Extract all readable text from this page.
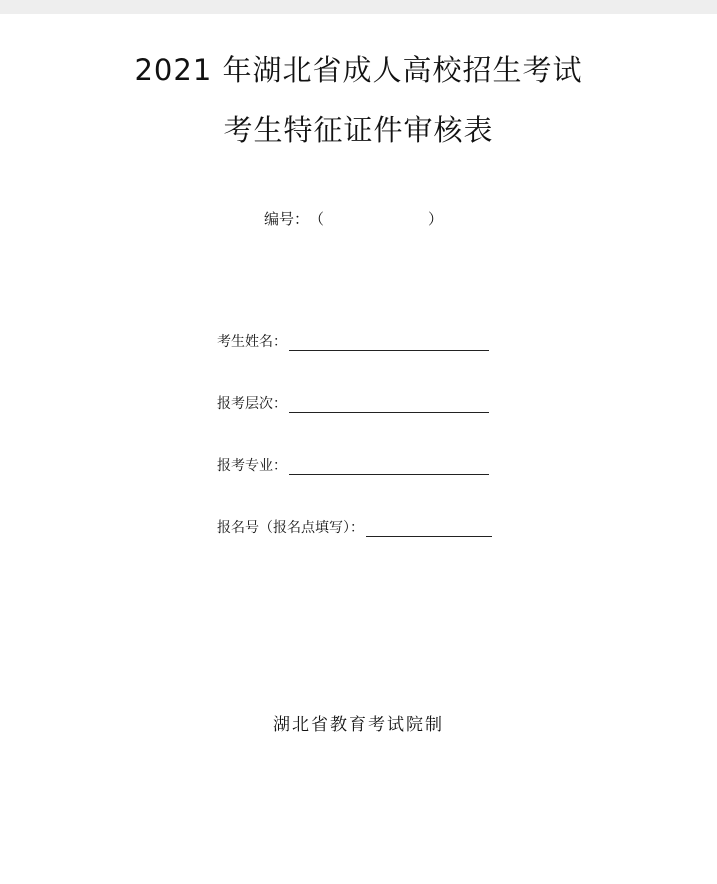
2021 年湖北省成人高校招生考试
考生特征证件审核表
编号：（	）
考生姓名：
报考层次：
报考专业：
报名号（报名点填写）：
湖北省教育考试院制
